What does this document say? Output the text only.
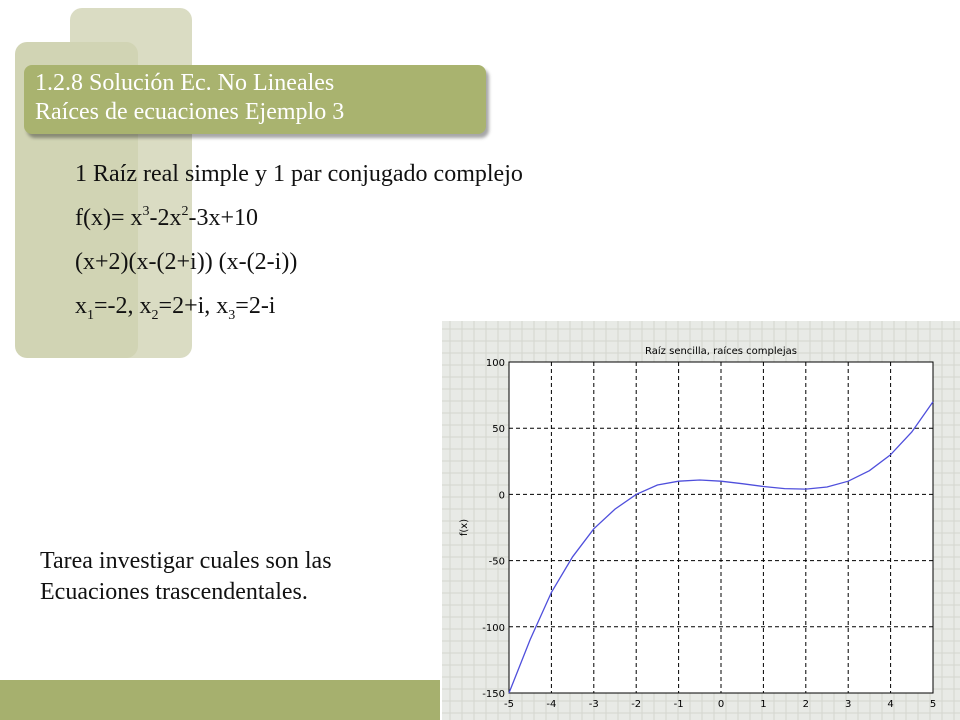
1.2.8 Solución Ec. No Lineales
Raíces de ecuaciones Ejemplo 3
1 Raíz real simple y 1 par conjugado complejo
$f(x)= x^3-2x^2-3x+10$
(x+2)(x-(2+i)) (x-(2-i))
$x_1=-2$, $x_2=2+i$, $x_3=2-i$
Tarea investigar cuales son las
Ecuaciones trascendentales.
-5	-4	-3	-2	-1	0	1	2	3	4	5
100
50
0
-50
-100
-150
Raíz sencilla, raíces complejas
f(x)
